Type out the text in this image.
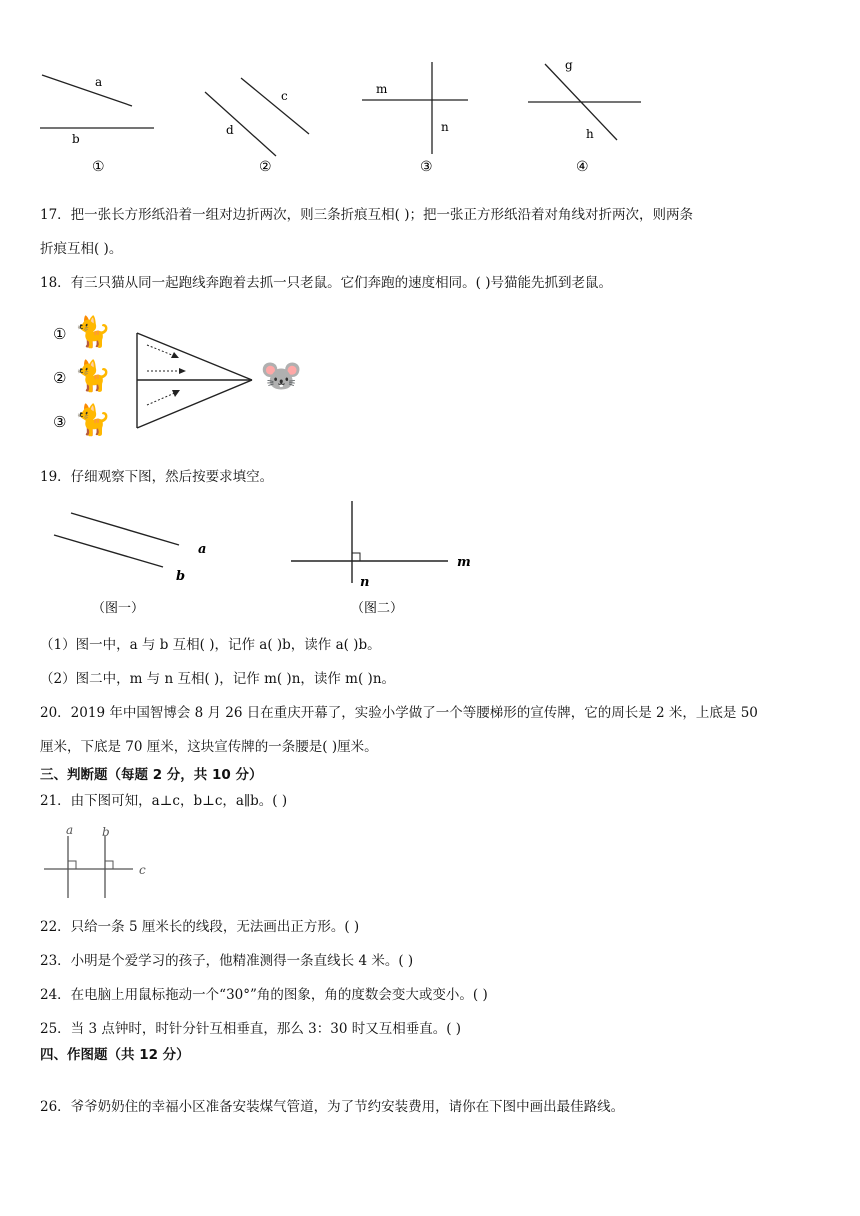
a
b
①
c
d
②
m
n
③
g
h
④
17．把一张长方形纸沿着一组对边折两次，则三条折痕互相( )；把一张正方形纸沿着对角线对折两次，则两条
折痕互相( )。
18．有三只猫从同一起跑线奔跑着去抓一只老鼠。它们奔跑的速度相同。( )号猫能先抓到老鼠。
①
②
③
🐈
🐈
🐈
🐭
19．仔细观察下图，然后按要求填空。
a
b
（图一）
m
n
（图二）
（1）图一中，a 与 b 互相( )，记作 a( )b，读作 a( )b。
（2）图二中，m 与 n 互相( )，记作 m( )n，读作 m( )n。
20．2019 年中国智博会 8 月 26 日在重庆开幕了，实验小学做了一个等腰梯形的宣传牌，它的周长是 2 米，上底是 50
厘米，下底是 70 厘米，这块宣传牌的一条腰是( )厘米。
三、判断题（每题 2 分，共 10 分）
21．由下图可知，a⊥c，b⊥c，a∥b。( )
a b
c
22．只给一条 5 厘米长的线段，无法画出正方形。( )
23．小明是个爱学习的孩子，他精准测得一条直线长 4 米。( )
24．在电脑上用鼠标拖动一个“30°”角的图象，角的度数会变大或变小。( )
25．当 3 点钟时，时针分针互相垂直，那么 3：30 时又互相垂直。( )
四、作图题（共 12 分）
26．爷爷奶奶住的幸福小区准备安装煤气管道，为了节约安装费用，请你在下图中画出最佳路线。
